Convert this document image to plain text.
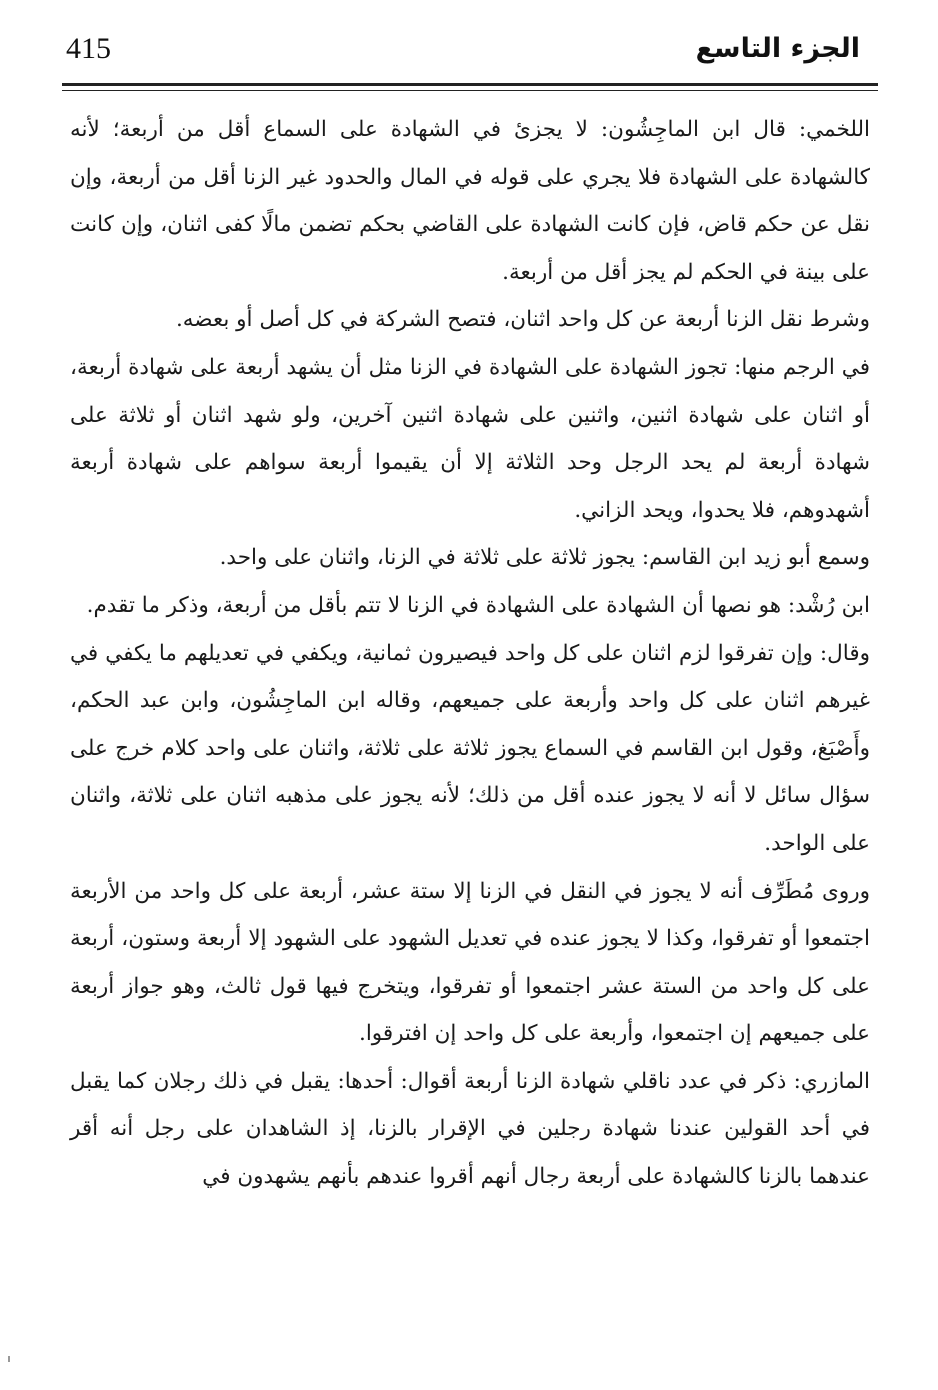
415	الجزء التاسع

اللخمي: قال ابن الماجِشُون: لا يجزئ في الشهادة على السماع أقل من أربعة؛ لأنه كالشهادة على الشهادة فلا يجري على قوله في المال والحدود غير الزنا أقل من أربعة، وإن نقل عن حكم قاض، فإن كانت الشهادة على القاضي بحكم تضمن مالًا كفى اثنان، وإن كانت على بينة في الحكم لم يجز أقل من أربعة.

وشرط نقل الزنا أربعة عن كل واحد اثنان، فتصح الشركة في كل أصل أو بعضه.

في الرجم منها: تجوز الشهادة على الشهادة في الزنا مثل أن يشهد أربعة على شهادة أربعة، أو اثنان على شهادة اثنين، واثنين على شهادة اثنين آخرين، ولو شهد اثنان أو ثلاثة على شهادة أربعة لم يحد الرجل وحد الثلاثة إلا أن يقيموا أربعة سواهم على شهادة أربعة أشهدوهم، فلا يحدوا، ويحد الزاني.

وسمع أبو زيد ابن القاسم: يجوز ثلاثة على ثلاثة في الزنا، واثنان على واحد.

ابن رُشْد: هو نصها أن الشهادة على الشهادة في الزنا لا تتم بأقل من أربعة، وذكر ما تقدم.

وقال: وإن تفرقوا لزم اثنان على كل واحد فيصيرون ثمانية، ويكفي في تعديلهم ما يكفي في غيرهم اثنان على كل واحد وأربعة على جميعهم، وقاله ابن الماجِشُون، وابن عبد الحكم، وأَصْبَغ، وقول ابن القاسم في السماع يجوز ثلاثة على ثلاثة، واثنان على واحد كلام خرج على سؤال سائل لا أنه لا يجوز عنده أقل من ذلك؛ لأنه يجوز على مذهبه اثنان على ثلاثة، واثنان على الواحد.

وروى مُطَرِّف أنه لا يجوز في النقل في الزنا إلا ستة عشر، أربعة على كل واحد من الأربعة اجتمعوا أو تفرقوا، وكذا لا يجوز عنده في تعديل الشهود على الشهود إلا أربعة وستون، أربعة على كل واحد من الستة عشر اجتمعوا أو تفرقوا، ويتخرج فيها قول ثالث، وهو جواز أربعة على جميعهم إن اجتمعوا، وأربعة على كل واحد إن افترقوا.

المازري: ذكر في عدد ناقلي شهادة الزنا أربعة أقوال: أحدها: يقبل في ذلك رجلان كما يقبل في أحد القولين عندنا شهادة رجلين في الإقرار بالزنا، إذ الشاهدان على رجل أنه أقر عندهما بالزنا كالشهادة على أربعة رجال أنهم أقروا عندهم بأنهم يشهدون في
